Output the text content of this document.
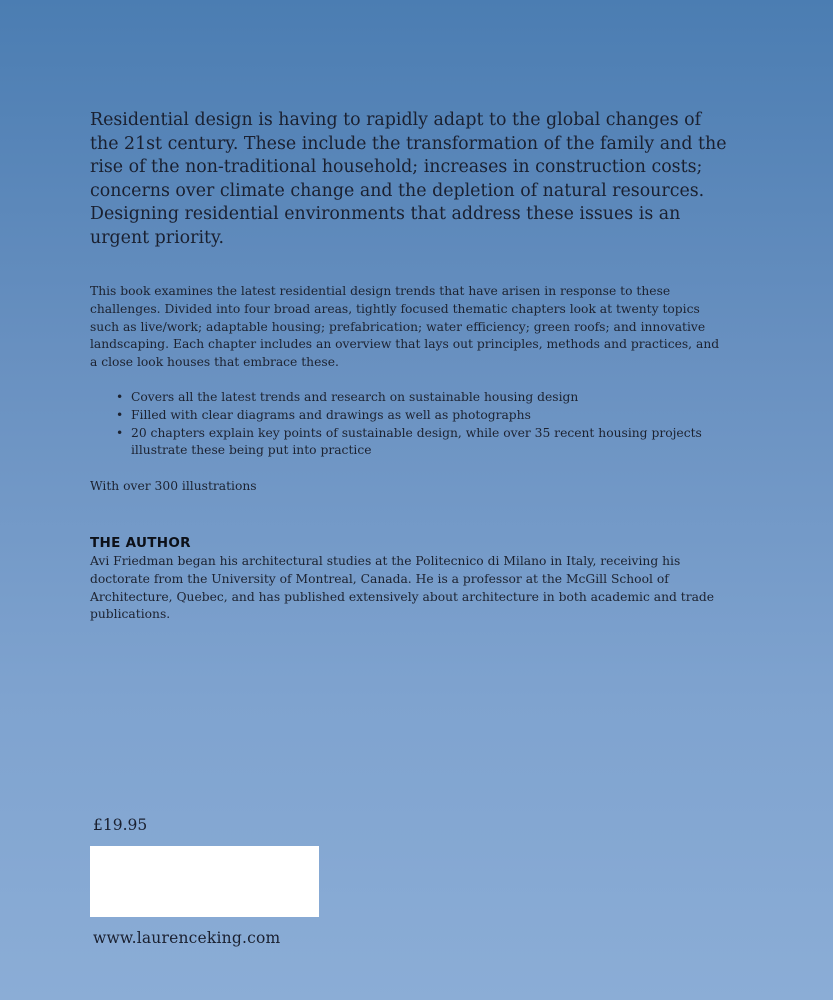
Residential design is having to rapidly adapt to the global changes of the 21st century. These include the transformation of the family and the rise of the non-traditional household; increases in construction costs; concerns over climate change and the depletion of natural resources. Designing residential environments that address these issues is an urgent priority.

This book examines the latest residential design trends that have arisen in response to these challenges. Divided into four broad areas, tightly focused thematic chapters look at twenty topics such as live/work; adaptable housing; prefabrication; water efficiency; green roofs; and innovative landscaping. Each chapter includes an overview that lays out principles, methods and practices, and a close look houses that embrace these.

• Covers all the latest trends and research on sustainable housing design
• Filled with clear diagrams and drawings as well as photographs
• 20 chapters explain key points of sustainable design, while over 35 recent housing projects illustrate these being put into practice

With over 300 illustrations

THE AUTHOR

Avi Friedman began his architectural studies at the Politecnico di Milano in Italy, receiving his doctorate from the University of Montreal, Canada. He is a professor at the McGill School of Architecture, Quebec, and has published extensively about architecture in both academic and trade publications.

£19.95

www.laurenceking.com
